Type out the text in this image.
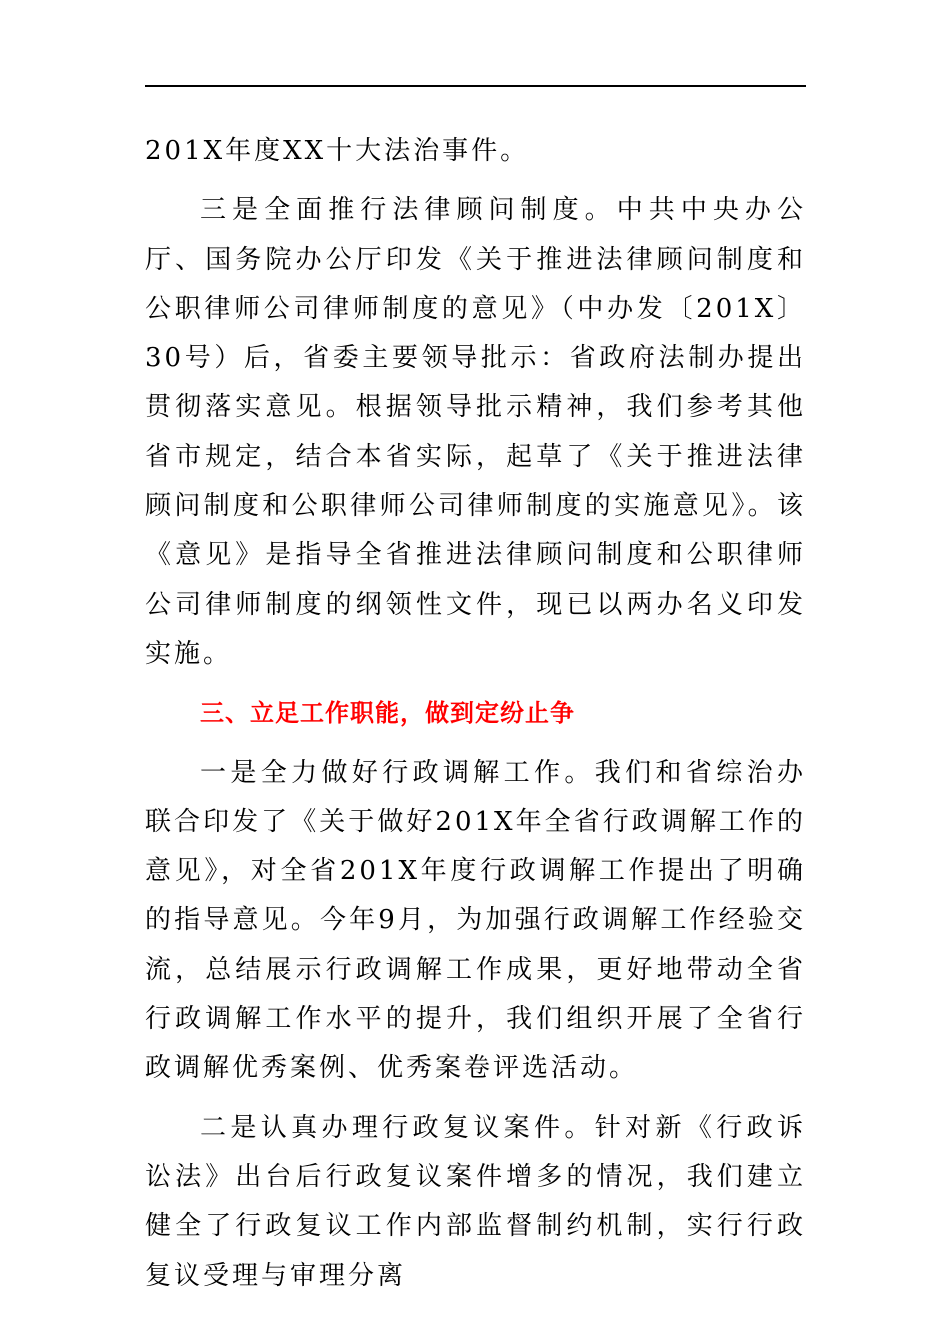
201X年度XX十大法治事件。

三是全面推行法律顾问制度。中共中央办公厅、国务院办公厅印发《关于推进法律顾问制度和公职律师公司律师制度的意见》（中办发〔201X〕30号）后，省委主要领导批示：省政府法制办提出贯彻落实意见。根据领导批示精神，我们参考其他省市规定，结合本省实际，起草了《关于推进法律顾问制度和公职律师公司律师制度的实施意见》。该《意见》是指导全省推进法律顾问制度和公职律师公司律师制度的纲领性文件，现已以两办名义印发实施。

三、立足工作职能，做到定纷止争

一是全力做好行政调解工作。我们和省综治办联合印发了《关于做好201X年全省行政调解工作的意见》，对全省201X年度行政调解工作提出了明确的指导意见。今年9月，为加强行政调解工作经验交流，总结展示行政调解工作成果，更好地带动全省行政调解工作水平的提升，我们组织开展了全省行政调解优秀案例、优秀案卷评选活动。

二是认真办理行政复议案件。针对新《行政诉讼法》出台后行政复议案件增多的情况，我们建立健全了行政复议工作内部监督制约机制，实行行政复议受理与审理分离
